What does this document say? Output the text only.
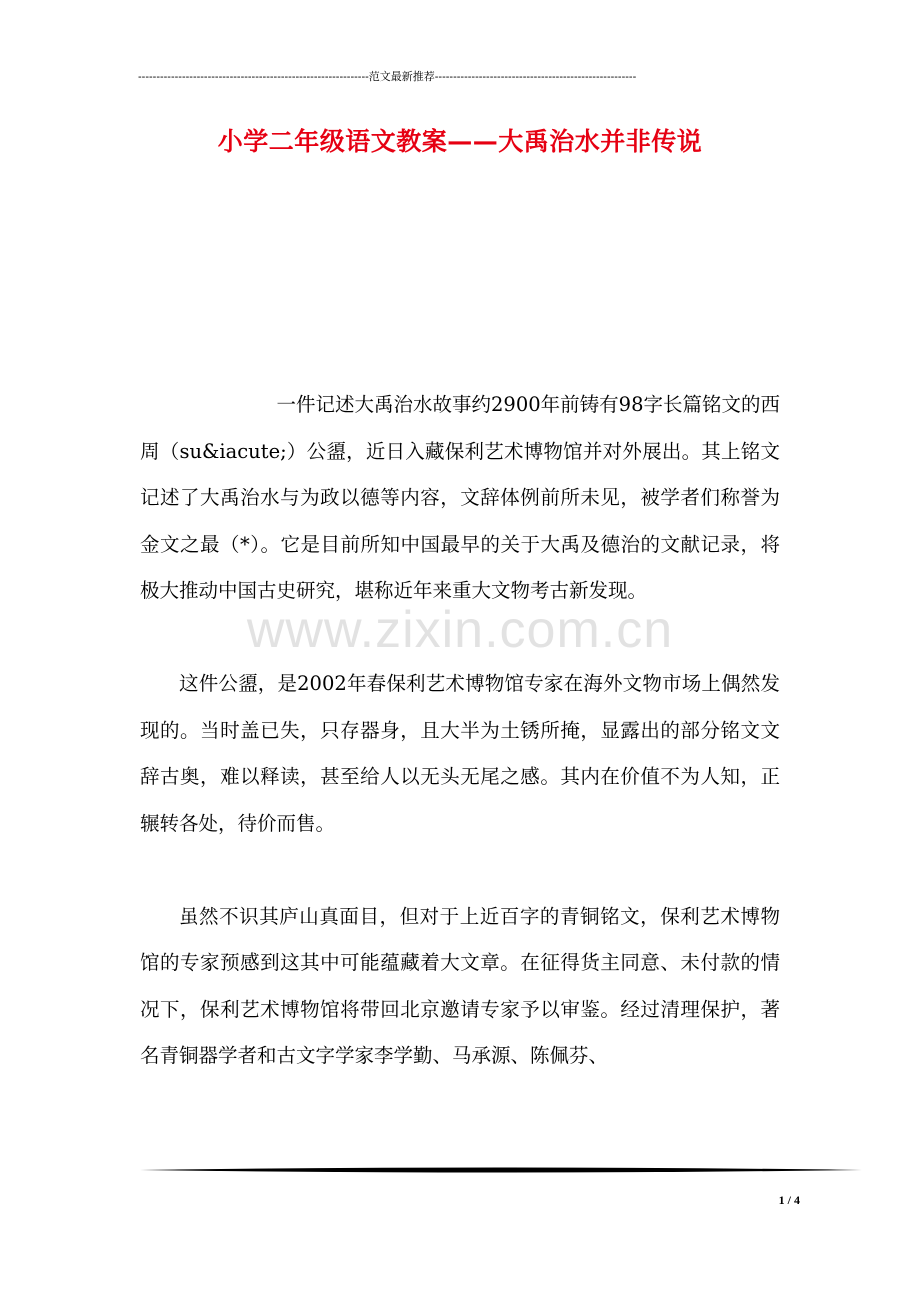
---------------------------------------------------------------范文最新推荐-------------------------------------------------------
小学二年级语文教案——大禹治水并非传说
www.zixin.com.cn

一件记述大禹治水故事约2900年前铸有98字长篇铭文的西周（su&iacute;）公盨，近日入藏保利艺术博物馆并对外展出。其上铭文记述了大禹治水与为政以德等内容，文辞体例前所未见，被学者们称誉为金文之最（*）。它是目前所知中国最早的关于大禹及德治的文献记录，将极大推动中国古史研究，堪称近年来重大文物考古新发现。

这件公盨，是2002年春保利艺术博物馆专家在海外文物市场上偶然发现的。当时盖已失，只存器身，且大半为土锈所掩，显露出的部分铭文文辞古奥，难以释读，甚至给人以无头无尾之感。其内在价值不为人知，正辗转各处，待价而售。

虽然不识其庐山真面目，但对于上近百字的青铜铭文，保利艺术博物馆的专家预感到这其中可能蕴藏着大文章。在征得货主同意、未付款的情况下，保利艺术博物馆将带回北京邀请专家予以审鉴。经过清理保护，著名青铜器学者和古文字学家李学勤、马承源、陈佩芬、

1 / 4
